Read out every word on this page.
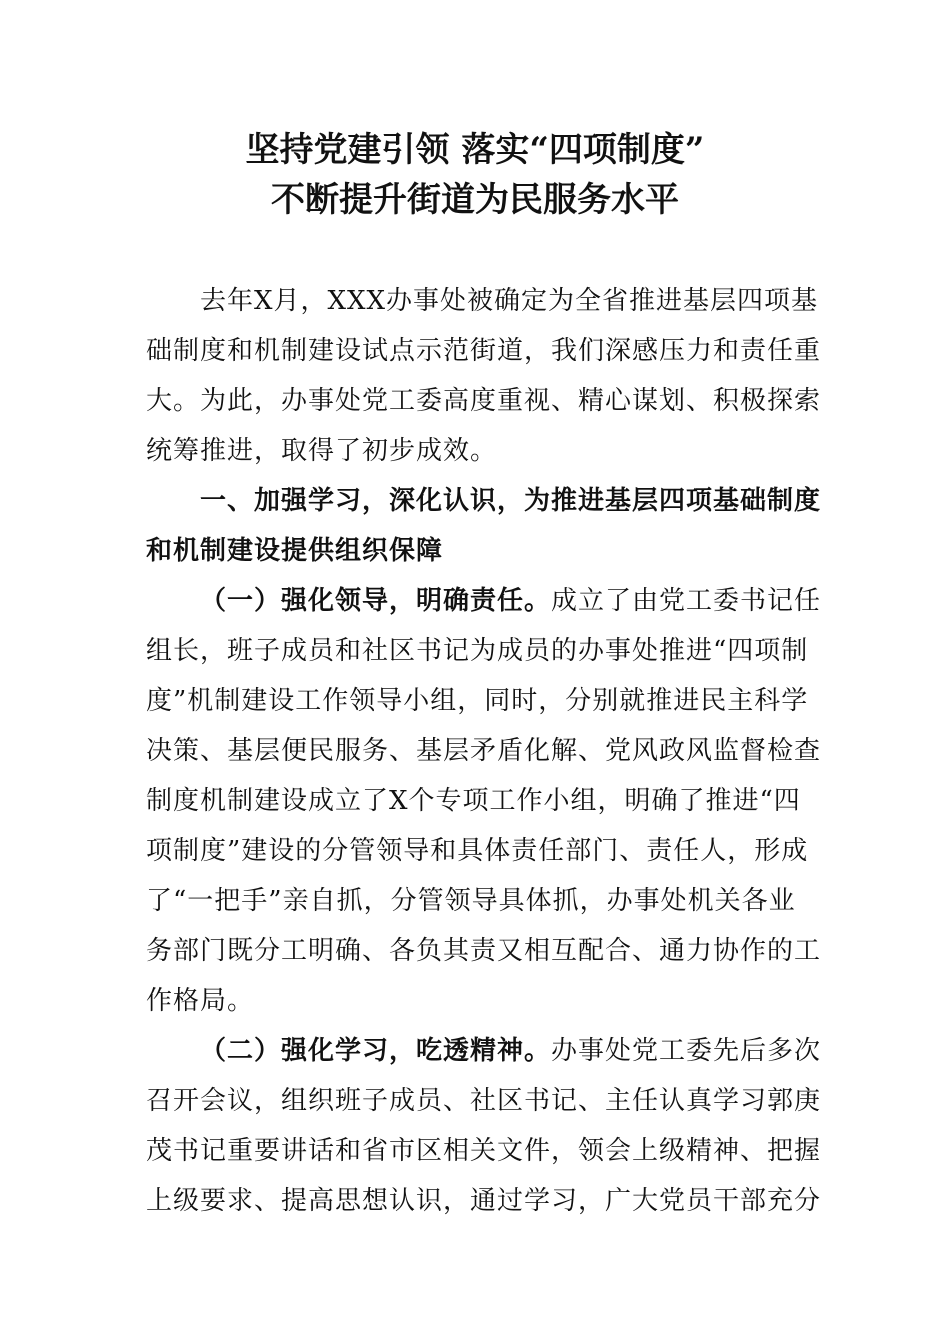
坚持党建引领 落实“四项制度”
不断提升街道为民服务水平
去年X月，XXX办事处被确定为全省推进基层四项基
础制度和机制建设试点示范街道，我们深感压力和责任重
大。为此，办事处党工委高度重视、精心谋划、积极探索
统筹推进，取得了初步成效。
一、加强学习，深化认识，为推进基层四项基础制度
和机制建设提供组织保障
（一）强化领导，明确责任。成立了由党工委书记任
组长，班子成员和社区书记为成员的办事处推进“四项制
度”机制建设工作领导小组，同时，分别就推进民主科学
决策、基层便民服务、基层矛盾化解、党风政风监督检查
制度机制建设成立了X个专项工作小组，明确了推进“四
项制度”建设的分管领导和具体责任部门、责任人，形成
了“一把手”亲自抓，分管领导具体抓，办事处机关各业
务部门既分工明确、各负其责又相互配合、通力协作的工
作格局。
（二）强化学习，吃透精神。办事处党工委先后多次
召开会议，组织班子成员、社区书记、主任认真学习郭庚
茂书记重要讲话和省市区相关文件，领会上级精神、把握
上级要求、提高思想认识，通过学习，广大党员干部充分
